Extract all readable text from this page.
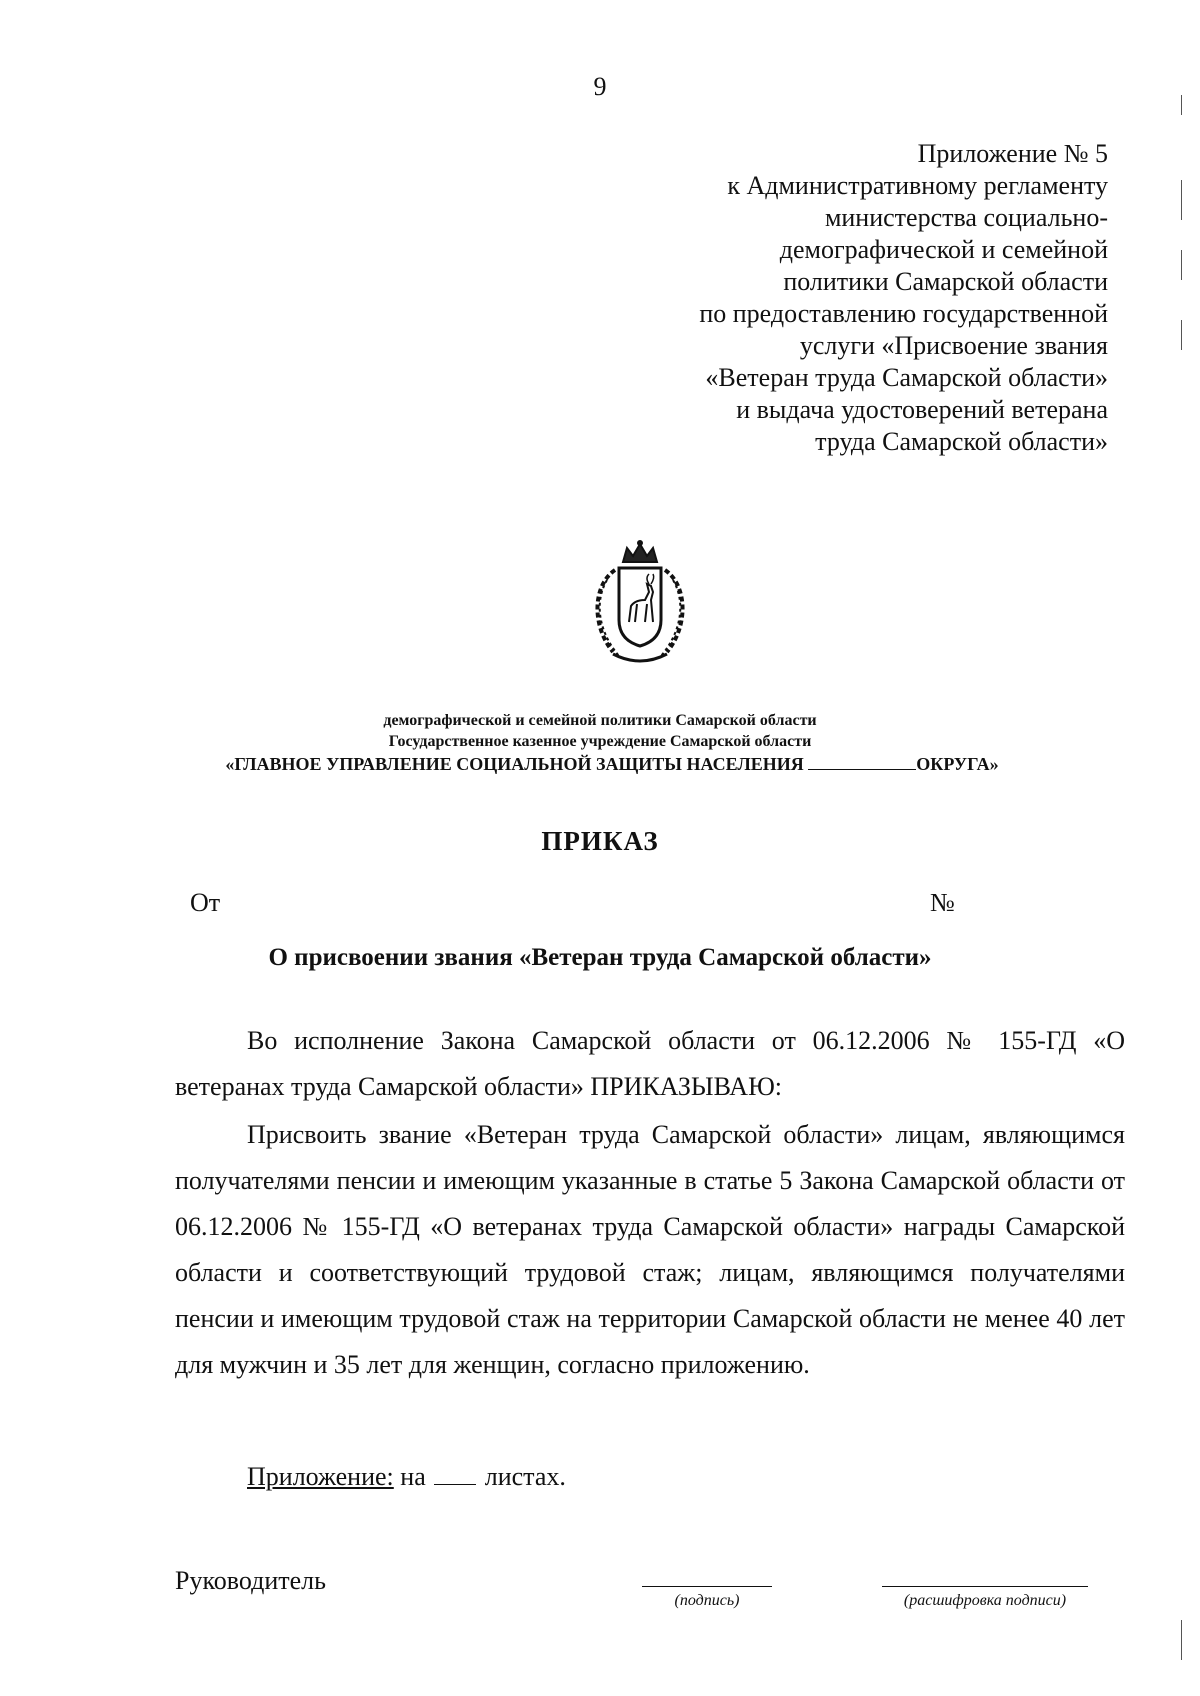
9
Приложение № 5
к Административному регламенту
министерства социально-
демографической и семейной
политики Самарской области
по предоставлению государственной
услуги «Присвоение звания
«Ветеран труда Самарской области»
и выдача удостоверений ветерана
труда Самарской области»
демографической и семейной политики Самарской области
Государственное казенное учреждение Самарской области
«ГЛАВНОЕ УПРАВЛЕНИЕ СОЦИАЛЬНОЙ ЗАЩИТЫ НАСЕЛЕНИЯ	ОКРУГА»
ПРИКАЗ
От	№
О присвоении звания «Ветеран труда Самарской области»
Во исполнение Закона Самарской области от 06.12.2006 № 155-ГД «О ветеранах труда Самарской области» ПРИКАЗЫВАЮ:
Присвоить звание «Ветеран труда Самарской области» лицам, являющимся получателями пенсии и имеющим указанные в статье 5 Закона Самарской области от 06.12.2006 № 155-ГД «О ветеранах труда Самарской области» награды Самарской области и соответствующий трудовой стаж; лицам, являющимся получателями пенсии и имеющим трудовой стаж на территории Самарской области не менее 40 лет для мужчин и 35 лет для женщин, согласно приложению.
Приложение: на листах.
Руководитель
(подпись)	(расшифровка подписи)
